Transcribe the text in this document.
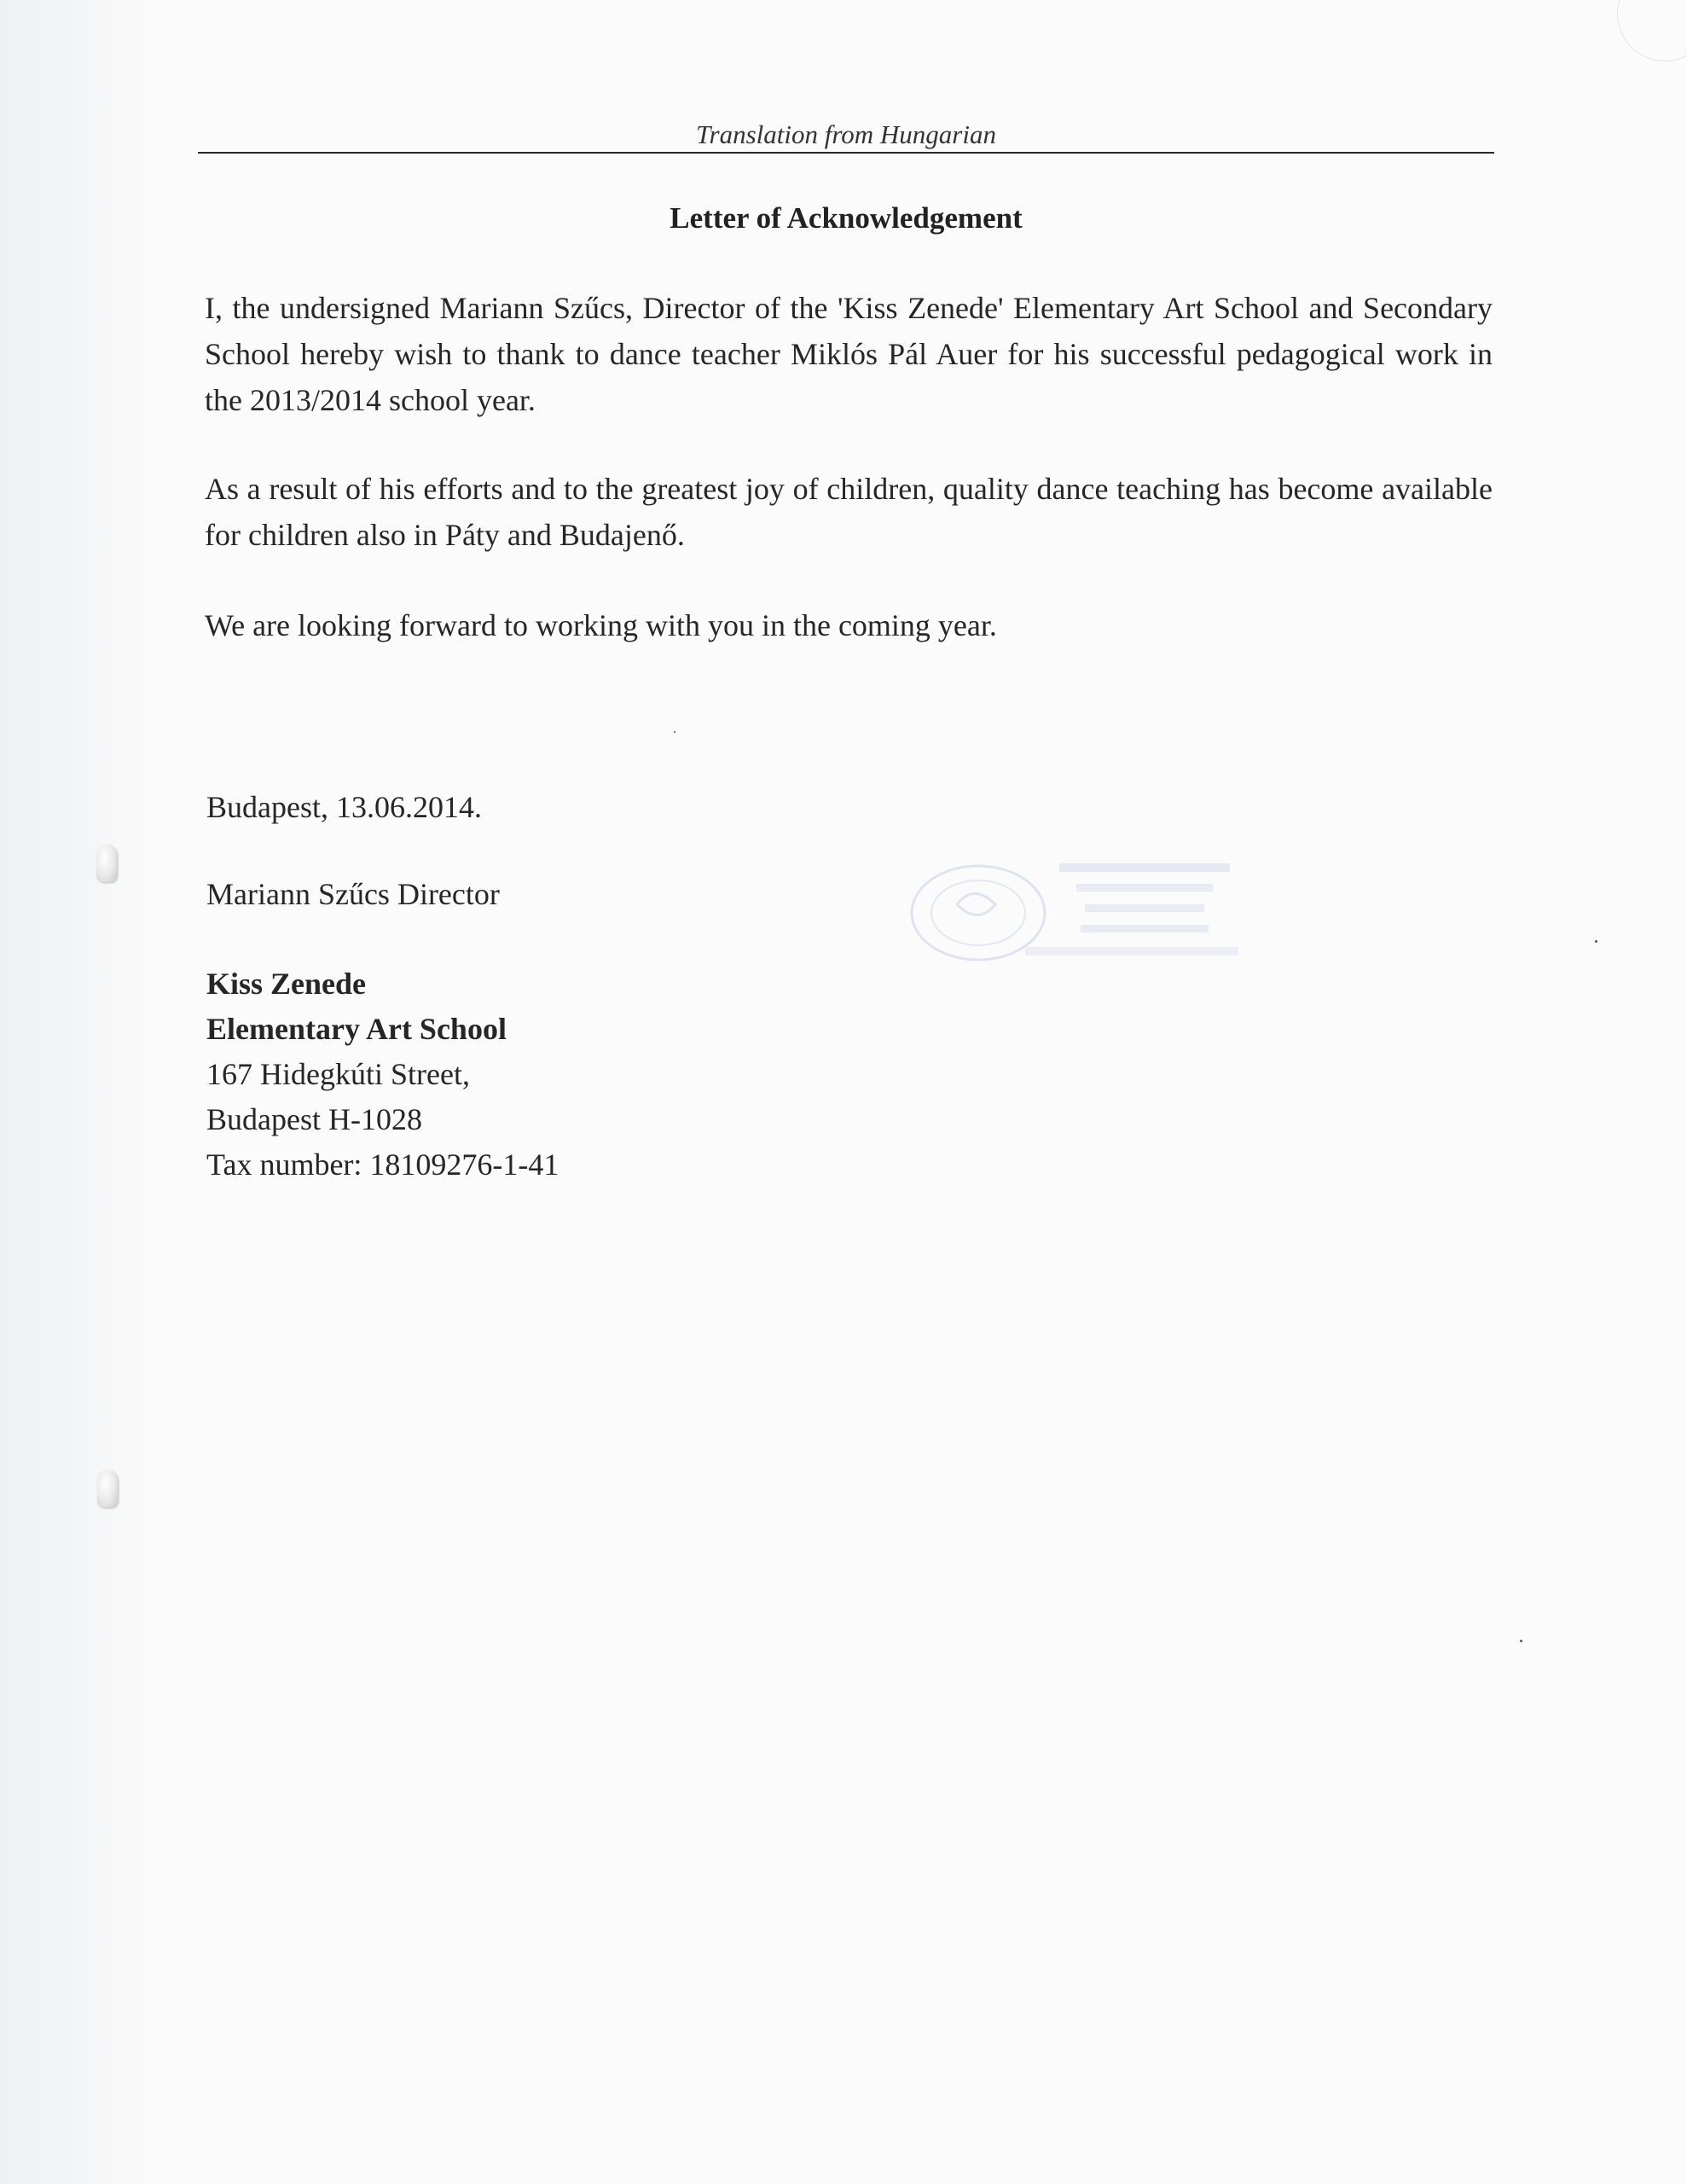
Translation from Hungarian
Letter of Acknowledgement

I, the undersigned Mariann Szűcs, Director of the 'Kiss Zenede' Elementary Art School and Secondary School hereby wish to thank to dance teacher Miklós Pál Auer for his successful pedagogical work in the 2013/2014 school year.

As a result of his efforts and to the greatest joy of children, quality dance teaching has become available for children also in Páty and Budajenő.

We are looking forward to working with you in the coming year.

Budapest, 13.06.2014.
Mariann Szűcs Director
Kiss Zenede
Elementary Art School
167 Hidegkúti Street,
Budapest H-1028
Tax number: 18109276-1-41
